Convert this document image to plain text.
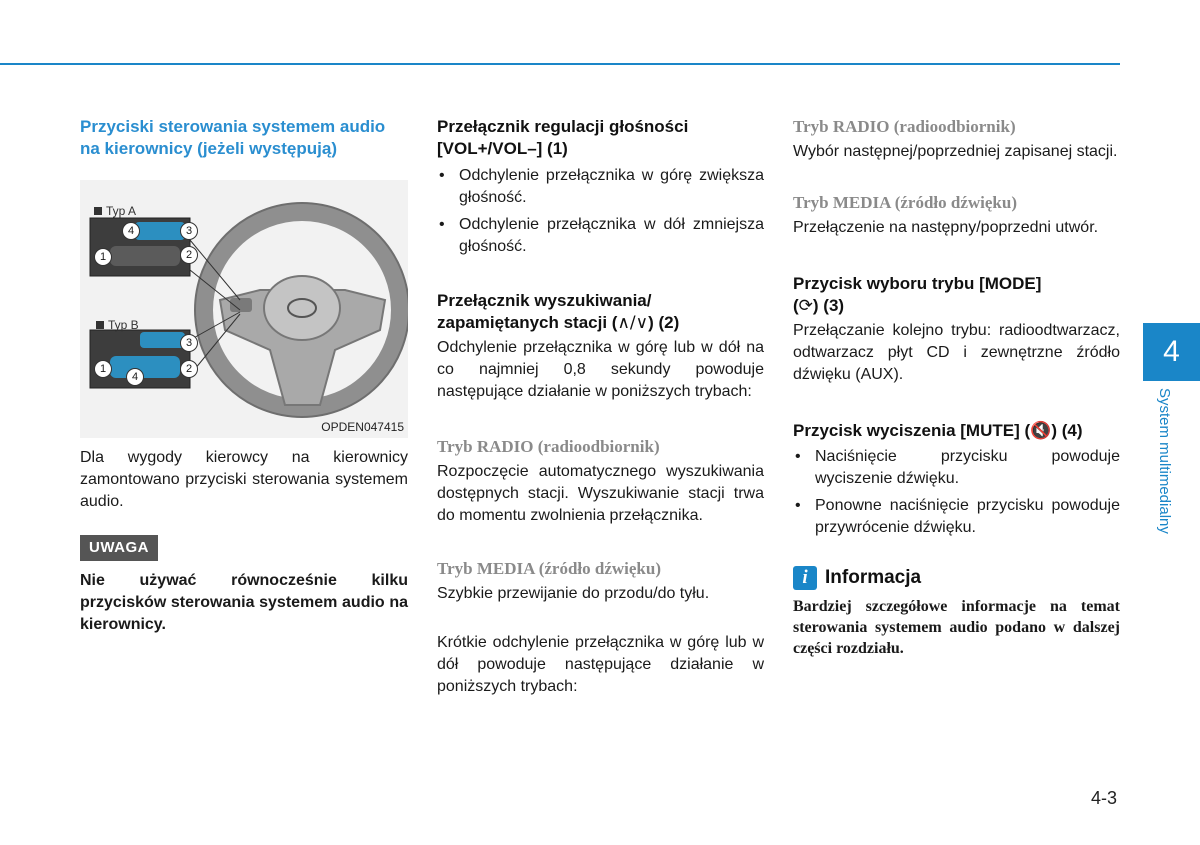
Przyciski sterowania systemem audio na kierownicy (jeżeli występują)

Typ A
Typ B
4	3
1	2
3
1	2
4
OPDEN047415

Dla wygody kierowcy na kierownicy zamontowano przyciski sterowania systemem audio.

UWAGA

Nie używać równocześnie kilku przycisków sterowania systemem audio na kierownicy.

Przełącznik regulacji głośności

[VOL+/VOL–] (1)

• Odchylenie przełącznika w górę zwiększa głośność.
• Odchylenie przełącznika w dół zmniejsza głośność.

Przełącznik wyszukiwania/

zapamiętanych stacji (∧/∨) (2)

Odchylenie przełącznika w górę lub w dół na co najmniej 0,8 sekundy powoduje następujące działanie w poniższych trybach:

Tryb RADIO (radioodbiornik)

Rozpoczęcie automatycznego wyszukiwania dostępnych stacji. Wyszukiwanie stacji trwa do momentu zwolnienia przełącznika.

Tryb MEDIA (źródło dźwięku)

Szybkie przewijanie do przodu/do tyłu.

Krótkie odchylenie przełącznika w górę lub w dół powoduje następujące działanie w poniższych trybach:

Tryb RADIO (radioodbiornik)

Wybór następnej/poprzedniej zapisanej stacji.

Tryb MEDIA (źródło dźwięku)

Przełączenie na następny/poprzedni utwór.

Przycisk wyboru trybu [MODE]

(⟳) (3)

Przełączanie kolejno trybu: radioodtwarzacz, odtwarzacz płyt CD i zewnętrzne źródło dźwięku (AUX).

Przycisk wyciszenia [MUTE] (🔇) (4)

• Naciśnięcie przycisku powoduje wyciszenie dźwięku.
• Ponowne naciśnięcie przycisku powoduje przywrócenie dźwięku.
i Informacja

Bardziej szczegółowe informacje na temat sterowania systemem audio podano w dalszej części rozdziału.

4
System multimedialny
4-3
